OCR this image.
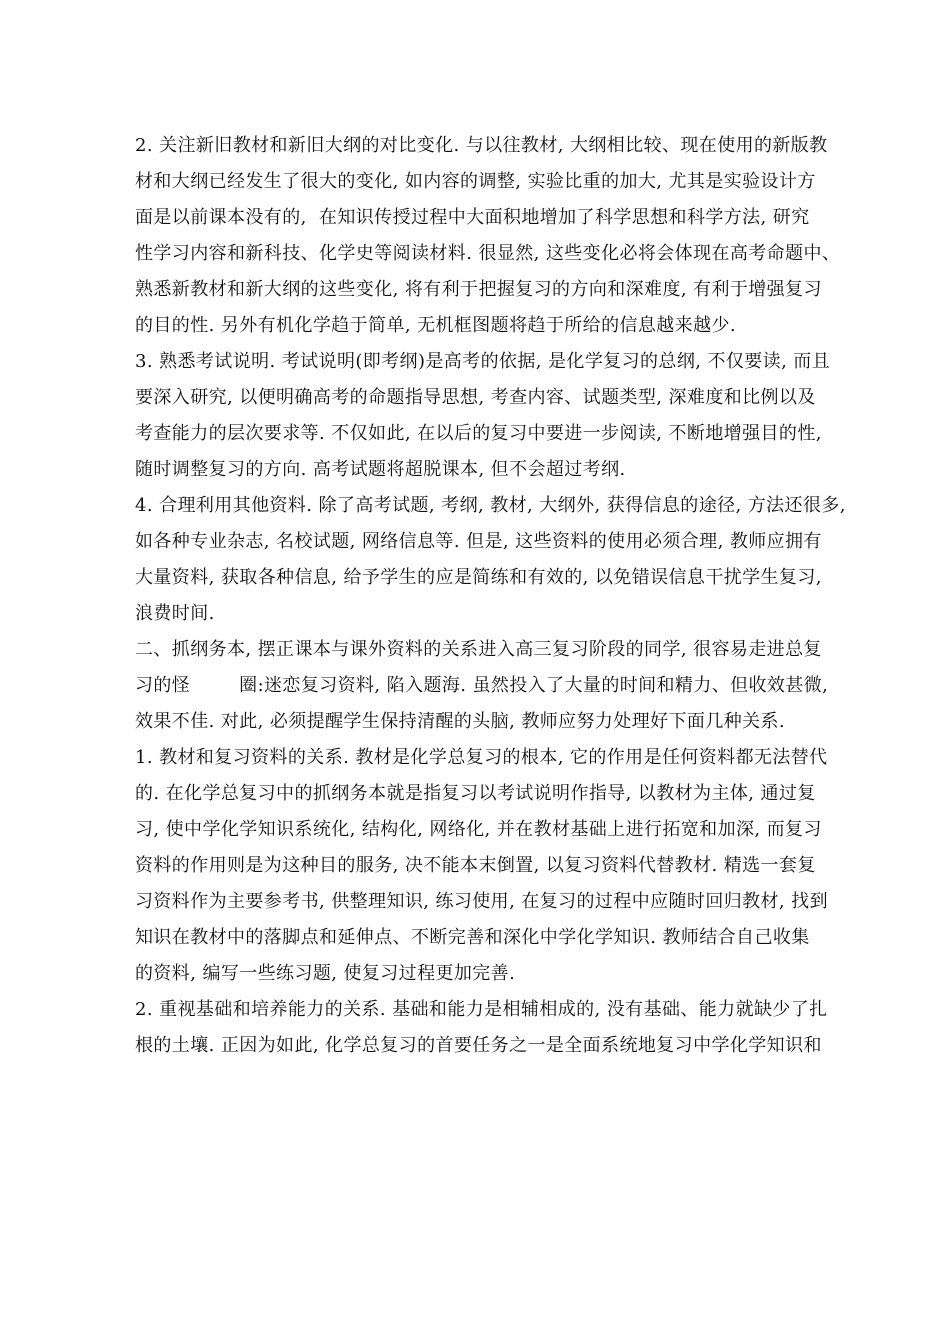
2. 关注新旧教材和新旧大纲的对比变化. 与以往教材, 大纲相比较、现在使用的新版教
材和大纲已经发生了很大的变化, 如内容的调整, 实验比重的加大, 尤其是实验设计方
面是以前课本没有的,  在知识传授过程中大面积地增加了科学思想和科学方法, 研究
性学习内容和新科技、化学史等阅读材料. 很显然, 这些变化必将会体现在高考命题中、
熟悉新教材和新大纲的这些变化, 将有利于把握复习的方向和深难度, 有利于增强复习
的目的性. 另外有机化学趋于简单, 无机框图题将趋于所给的信息越来越少.
3. 熟悉考试说明. 考试说明(即考纲)是高考的依据, 是化学复习的总纲, 不仅要读, 而且
要深入研究, 以便明确高考的命题指导思想, 考查内容、试题类型, 深难度和比例以及
考查能力的层次要求等. 不仅如此, 在以后的复习中要进一步阅读, 不断地增强目的性,
随时调整复习的方向. 高考试题将超脱课本, 但不会超过考纲.
4. 合理利用其他资料. 除了高考试题, 考纲, 教材, 大纲外, 获得信息的途径, 方法还很多,
如各种专业杂志, 名校试题, 网络信息等. 但是, 这些资料的使用必须合理, 教师应拥有
大量资料, 获取各种信息, 给予学生的应是简练和有效的, 以免错误信息干扰学生复习,
浪费时间.
二、抓纲务本, 摆正课本与课外资料的关系进入高三复习阶段的同学, 很容易走进总复
习的怪        圈:迷恋复习资料, 陷入题海. 虽然投入了大量的时间和精力、但收效甚微,
效果不佳. 对此, 必须提醒学生保持清醒的头脑, 教师应努力处理好下面几种关系.
1. 教材和复习资料的关系. 教材是化学总复习的根本, 它的作用是任何资料都无法替代
的. 在化学总复习中的抓纲务本就是指复习以考试说明作指导, 以教材为主体, 通过复
习, 使中学化学知识系统化, 结构化, 网络化, 并在教材基础上进行拓宽和加深, 而复习
资料的作用则是为这种目的服务, 决不能本末倒置, 以复习资料代替教材. 精选一套复
习资料作为主要参考书, 供整理知识, 练习使用, 在复习的过程中应随时回归教材, 找到
知识在教材中的落脚点和延伸点、不断完善和深化中学化学知识. 教师结合自己收集
的资料, 编写一些练习题, 使复习过程更加完善.
2. 重视基础和培养能力的关系. 基础和能力是相辅相成的, 没有基础、能力就缺少了扎
根的土壤. 正因为如此, 化学总复习的首要任务之一是全面系统地复习中学化学知识和
